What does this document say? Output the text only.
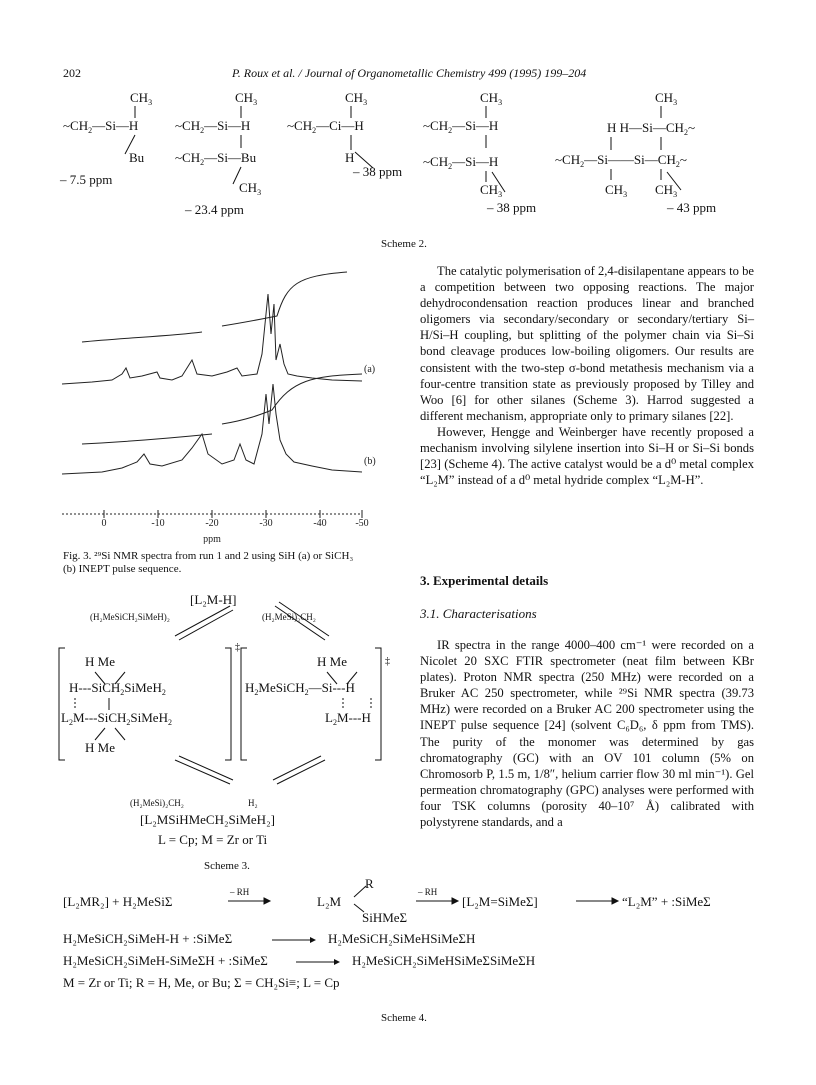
202	P. Roux et al. / Journal of Organometallic Chemistry 499 (1995) 199–204
$CH_3$
$\sim CH_2—Si—H$
Bu
– 7.5 ppm
$CH_3$
$\sim CH_2—Si—H$
$\sim CH_2—Si—Bu$
$CH_3$
– 23.4 ppm
$CH_3$
$\sim CH_2—Ci—H$
H
– 38 ppm
$CH_3$
$\sim CH_2—Si—H$
$\sim CH_2—Si—H$
$CH_3$
– 38 ppm
$CH_3$
H $H—Si—CH_2\sim$
$\sim CH_2—Si——Si—CH_2\sim$
$CH_3$ $CH_3$
– 43 ppm
Scheme 2.
(a)
(b)
0	-10	-20	-30	-40	-50
ppm
Fig. 3. ²⁹Si NMR spectra from run 1 and 2 using SiH (a) or SiCH₃ (b) INEPT pulse sequence.
‡
H Me
H---SiCH$_2$SiMeH$_2$
$L_2M---SiCH_2SiMeH_2$
H Me
‡
H Me
$H_2MeSiCH_2—Si---H$
$L_2M---H$
[L₂M-H]
(H₂MeSiCH₂SiMeH)₂	(H₂MeSi)₂CH₂
(H₂MeSi)₂CH₂	H₂
[L₂MSiHMeCH₂SiMeH₂]
L = Cp; M = Zr or Ti
Scheme 3.

The catalytic polymerisation of 2,4-disilapentane appears to be a competition between two opposing reactions. The major dehydrocondensation reaction produces linear and branched oligomers via secondary/secondary or secondary/tertiary Si–H/Si–H coupling, but splitting of the polymer chain via Si–Si bond cleavage produces low-boiling oligomers. Our results are consistent with the two-step σ-bond metathesis mechanism via a four-centre transition state as previously proposed by Tilley and Woo [6] for other silanes (Scheme 3). Harrod suggested a different mechanism, appropriate only to primary silanes [22].

However, Hengge and Weinberger have recently proposed a mechanism involving silylene insertion into Si–H or Si–Si bonds [23] (Scheme 4). The active catalyst would be a d⁰ metal complex “L₂M” instead of a d⁰ metal hydride complex “L₂M-H”.

3. Experimental details
3.1. Characterisations

IR spectra in the range 4000–400 cm⁻¹ were recorded on a Nicolet 20 SXC FTIR spectrometer (neat film between KBr plates). Proton NMR spectra (250 MHz) were recorded on a Bruker AC 250 spectrometer, while ²⁹Si NMR spectra (39.73 MHz) were recorded on a Bruker AC 200 spectrometer using the INEPT pulse sequence [24] (solvent C₆D₆, δ ppm from TMS). The purity of the monomer was determined by gas chromatography (GC) with an OV 101 column (5% on Chromosorb P, 1.5 m, 1/8″, helium carrier flow 30 ml min⁻¹). Gel permeation chromatography (GPC) analyses were performed with four TSK columns (porosity 40–10⁷ Å) calibrated with polystyrene standards, and a

[L₂MR₂] + H₂MeSiΣ
– RH
R
L₂M
SiHMeΣ
– RH
[L₂M=SiMeΣ]	“L₂M” + :SiMeΣ
H₂MeSiCH₂SiMeH-H + :SiMeΣ	H₂MeSiCH₂SiMeHSiMeΣH
H₂MeSiCH₂SiMeH-SiMeΣH + :SiMeΣ	H₂MeSiCH₂SiMeHSiMeΣSiMeΣH
M = Zr or Ti; R = H, Me, or Bu; Σ = CH₂Si≡; L = Cp
Scheme 4.
